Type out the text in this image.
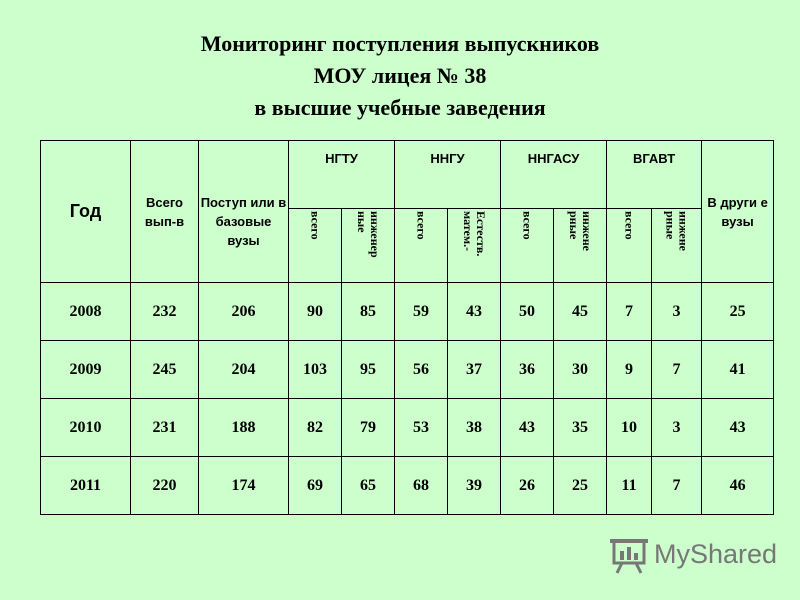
Мониторинг поступления выпускников
МОУ лицея № 38
в высшие учебные заведения
Год	Всего вып-в	Поступ или в базовые вузы	НГТУ		ННГУ		ННГАСУ		ВГАВТ		В други е вузы
			всего	инженер ные	всего	Естеств. матем.-	всего	инжене рные	всего	инжене рные	
2008	232	206	90	85	59	43	50	45	7	3	25
2009	245	204	103	95	56	37	36	30	9	7	41
2010	231	188	82	79	53	38	43	35	10	3	43
2011	220	174	69	65	68	39	26	25	11	7	46
MyShared
